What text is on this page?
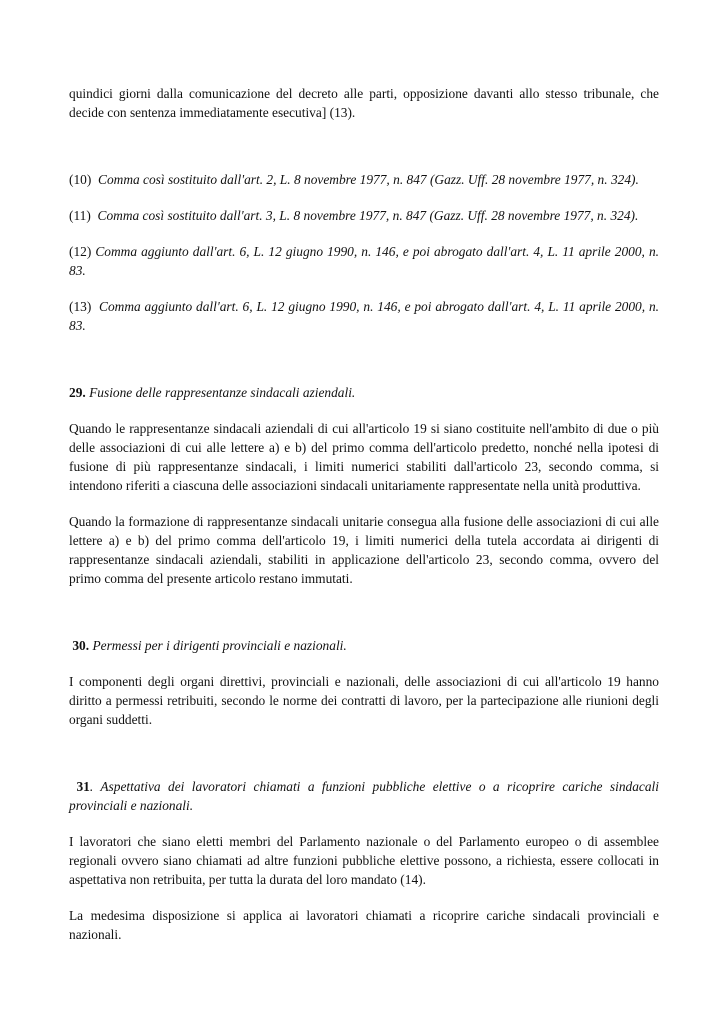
quindici giorni dalla comunicazione del decreto alle parti, opposizione davanti allo stesso tribunale, che decide con sentenza immediatamente esecutiva] (13).

(10) Comma così sostituito dall'art. 2, L. 8 novembre 1977, n. 847 (Gazz. Uff. 28 novembre 1977, n. 324).

(11) Comma così sostituito dall'art. 3, L. 8 novembre 1977, n. 847 (Gazz. Uff. 28 novembre 1977, n. 324).

(12) Comma aggiunto dall'art. 6, L. 12 giugno 1990, n. 146, e poi abrogato dall'art. 4, L. 11 aprile 2000, n. 83.

(13) Comma aggiunto dall'art. 6, L. 12 giugno 1990, n. 146, e poi abrogato dall'art. 4, L. 11 aprile 2000, n. 83.

29. Fusione delle rappresentanze sindacali aziendali.

Quando le rappresentanze sindacali aziendali di cui all'articolo 19 si siano costituite nell'ambito di due o più delle associazioni di cui alle lettere a) e b) del primo comma dell'articolo predetto, nonché nella ipotesi di fusione di più rappresentanze sindacali, i limiti numerici stabiliti dall'articolo 23, secondo comma, si intendono riferiti a ciascuna delle associazioni sindacali unitariamente rappresentate nella unità produttiva.

Quando la formazione di rappresentanze sindacali unitarie consegua alla fusione delle associazioni di cui alle lettere a) e b) del primo comma dell'articolo 19, i limiti numerici della tutela accordata ai dirigenti di rappresentanze sindacali aziendali, stabiliti in applicazione dell'articolo 23, secondo comma, ovvero del primo comma del presente articolo restano immutati.

30. Permessi per i dirigenti provinciali e nazionali.

I componenti degli organi direttivi, provinciali e nazionali, delle associazioni di cui all'articolo 19 hanno diritto a permessi retribuiti, secondo le norme dei contratti di lavoro, per la partecipazione alle riunioni degli organi suddetti.

31. Aspettativa dei lavoratori chiamati a funzioni pubbliche elettive o a ricoprire cariche sindacali provinciali e nazionali.

I lavoratori che siano eletti membri del Parlamento nazionale o del Parlamento europeo o di assemblee regionali ovvero siano chiamati ad altre funzioni pubbliche elettive possono, a richiesta, essere collocati in aspettativa non retribuita, per tutta la durata del loro mandato (14).

La medesima disposizione si applica ai lavoratori chiamati a ricoprire cariche sindacali provinciali e nazionali.
